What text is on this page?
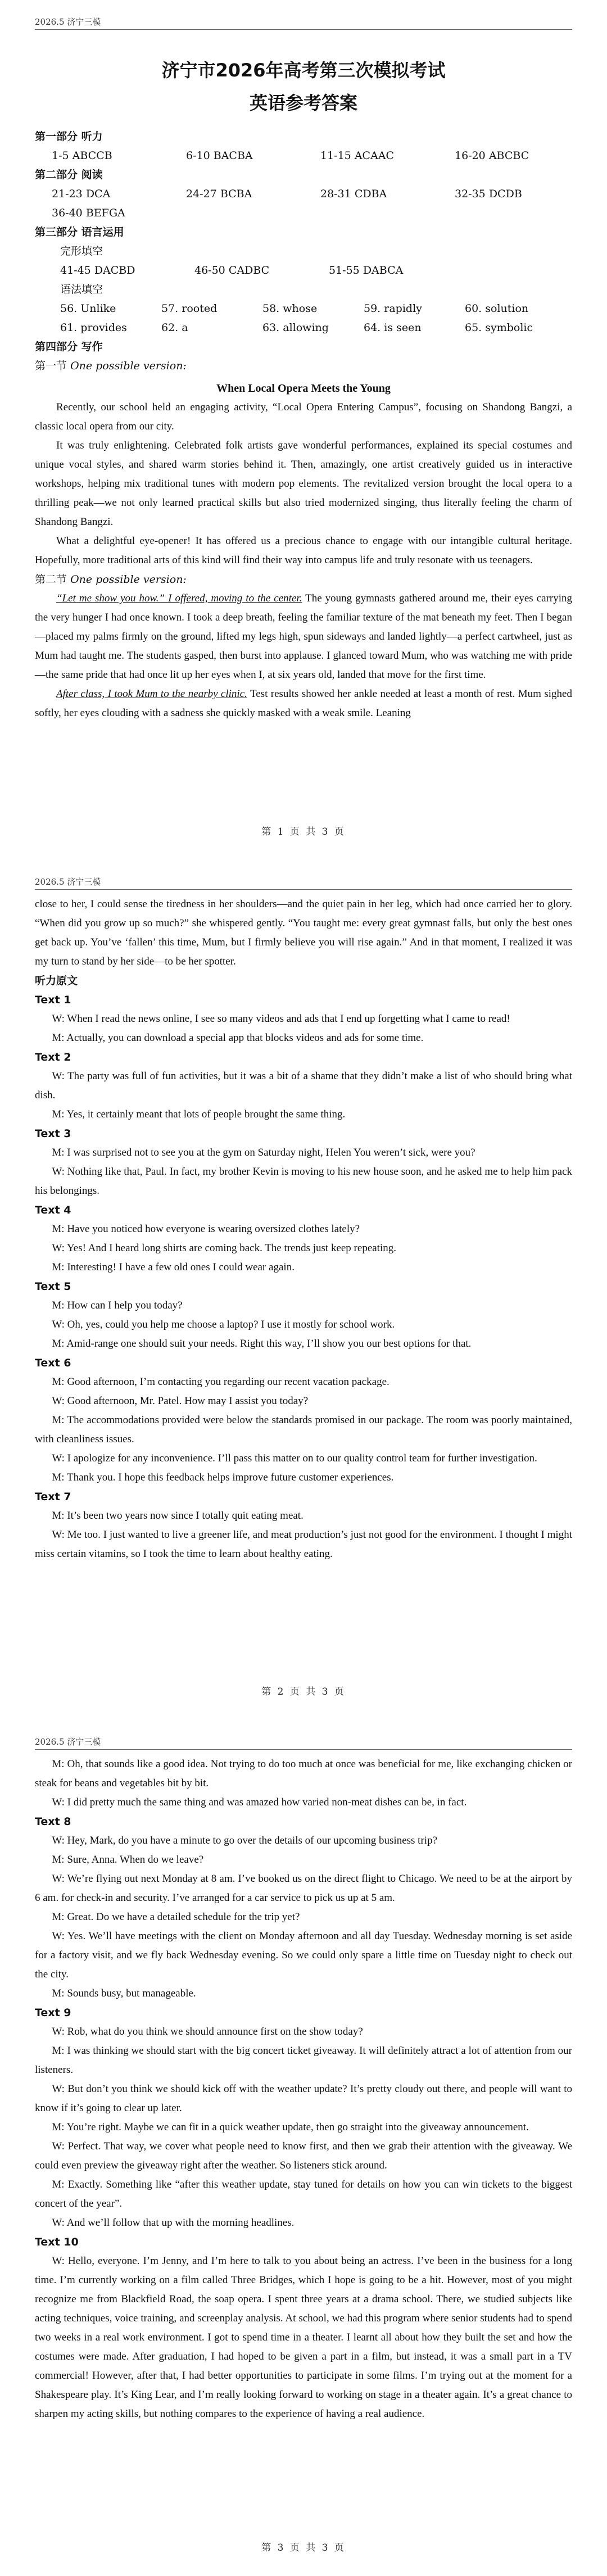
2026.5 济宁三模
济宁市2026年高考第三次模拟考试
英语参考答案
第一部分 听力
1-5 ABCCB	6-10 BACBA	11-15 ACAAC	16-20 ABCBC
第二部分 阅读
21-23 DCA	24-27 BCBA	28-31 CDBA	32-35 DCDB
36-40 BEFGA
第三部分 语言运用
完形填空
41-45 DACBD	46-50 CADBC	51-55 DABCA
语法填空
56. Unlike	57. rooted	58. whose	59. rapidly	60. solution
61. provides	62. a	63. allowing	64. is seen	65. symbolic
第四部分 写作
第一节 One possible version:
When Local Opera Meets the Young

Recently, our school held an engaging activity, “Local Opera Entering Campus”, focusing on Shandong Bangzi, a classic local opera from our city.

It was truly enlightening. Celebrated folk artists gave wonderful performances, explained its special costumes and unique vocal styles, and shared warm stories behind it. Then, amazingly, one artist creatively guided us in interactive workshops, helping mix traditional tunes with modern pop elements. The revitalized version brought the local opera to a thrilling peak—we not only learned practical skills but also tried modernized singing, thus literally feeling the charm of Shandong Bangzi.

What a delightful eye-opener! It has offered us a precious chance to engage with our intangible cultural heritage. Hopefully, more traditional arts of this kind will find their way into campus life and truly resonate with us teenagers.

第二节 One possible version:

“Let me show you how.” I offered, moving to the center. The young gymnasts gathered around me, their eyes carrying the very hunger I had once known. I took a deep breath, feeling the familiar texture of the mat beneath my feet. Then I began—placed my palms firmly on the ground, lifted my legs high, spun sideways and landed lightly—a perfect cartwheel, just as Mum had taught me. The students gasped, then burst into applause. I glanced toward Mum, who was watching me with pride—the same pride that had once lit up her eyes when I, at six years old, landed that move for the first time.

After class, I took Mum to the nearby clinic. Test results showed her ankle needed at least a month of rest. Mum sighed softly, her eyes clouding with a sadness she quickly masked with a weak smile. Leaning

第 1 页 共 3 页
2026.5 济宁三模

close to her, I could sense the tiredness in her shoulders—and the quiet pain in her leg, which had once carried her to glory. “When did you grow up so much?” she whispered gently. “You taught me: every great gymnast falls, but only the best ones get back up. You’ve ‘fallen’ this time, Mum, but I firmly believe you will rise again.” And in that moment, I realized it was my turn to stand by her side—to be her spotter.

听力原文
Text 1

W: When I read the news online, I see so many videos and ads that I end up forgetting what I came to read!

M: Actually, you can download a special app that blocks videos and ads for some time.

Text 2

W: The party was full of fun activities, but it was a bit of a shame that they didn’t make a list of who should bring what dish.

M: Yes, it certainly meant that lots of people brought the same thing.

Text 3

M: I was surprised not to see you at the gym on Saturday night, Helen You weren’t sick, were you?

W: Nothing like that, Paul. In fact, my brother Kevin is moving to his new house soon, and he asked me to help him pack his belongings.

Text 4

M: Have you noticed how everyone is wearing oversized clothes lately?

W: Yes! And I heard long shirts are coming back. The trends just keep repeating.

M: Interesting! I have a few old ones I could wear again.

Text 5

M: How can I help you today?

W: Oh, yes, could you help me choose a laptop? I use it mostly for school work.

M: Amid-range one should suit your needs. Right this way, I’ll show you our best options for that.

Text 6

M: Good afternoon, I’m contacting you regarding our recent vacation package.

W: Good afternoon, Mr. Patel. How may I assist you today?

M: The accommodations provided were below the standards promised in our package. The room was poorly maintained, with cleanliness issues.

W: I apologize for any inconvenience. I’ll pass this matter on to our quality control team for further investigation.

M: Thank you. I hope this feedback helps improve future customer experiences.

Text 7

M: It’s been two years now since I totally quit eating meat.

W: Me too. I just wanted to live a greener life, and meat production’s just not good for the environment. I thought I might miss certain vitamins, so I took the time to learn about healthy eating.

第 2 页 共 3 页
2026.5 济宁三模

M: Oh, that sounds like a good idea. Not trying to do too much at once was beneficial for me, like exchanging chicken or steak for beans and vegetables bit by bit.

W: I did pretty much the same thing and was amazed how varied non-meat dishes can be, in fact.

Text 8

W: Hey, Mark, do you have a minute to go over the details of our upcoming business trip?

M: Sure, Anna. When do we leave?

W: We’re flying out next Monday at 8 am. I’ve booked us on the direct flight to Chicago. We need to be at the airport by 6 am. for check-in and security. I’ve arranged for a car service to pick us up at 5 am.

M: Great. Do we have a detailed schedule for the trip yet?

W: Yes. We’ll have meetings with the client on Monday afternoon and all day Tuesday. Wednesday morning is set aside for a factory visit, and we fly back Wednesday evening. So we could only spare a little time on Tuesday night to check out the city.

M: Sounds busy, but manageable.

Text 9

W: Rob, what do you think we should announce first on the show today?

M: I was thinking we should start with the big concert ticket giveaway. It will definitely attract a lot of attention from our listeners.

W: But don’t you think we should kick off with the weather update? It’s pretty cloudy out there, and people will want to know if it’s going to clear up later.

M: You’re right. Maybe we can fit in a quick weather update, then go straight into the giveaway announcement.

W: Perfect. That way, we cover what people need to know first, and then we grab their attention with the giveaway. We could even preview the giveaway right after the weather. So listeners stick around.

M: Exactly. Something like “after this weather update, stay tuned for details on how you can win tickets to the biggest concert of the year”.

W: And we’ll follow that up with the morning headlines.

Text 10

W: Hello, everyone. I’m Jenny, and I’m here to talk to you about being an actress. I’ve been in the business for a long time. I’m currently working on a film called Three Bridges, which I hope is going to be a hit. However, most of you might recognize me from Blackfield Road, the soap opera. I spent three years at a drama school. There, we studied subjects like acting techniques, voice training, and screenplay analysis. At school, we had this program where senior students had to spend two weeks in a real work environment. I got to spend time in a theater. I learnt all about how they built the set and how the costumes were made. After graduation, I had hoped to be given a part in a film, but instead, it was a small part in a TV commercial! However, after that, I had better opportunities to participate in some films. I’m trying out at the moment for a Shakespeare play. It’s King Lear, and I’m really looking forward to working on stage in a theater again. It’s a great chance to sharpen my acting skills, but nothing compares to the experience of having a real audience.

第 3 页 共 3 页
